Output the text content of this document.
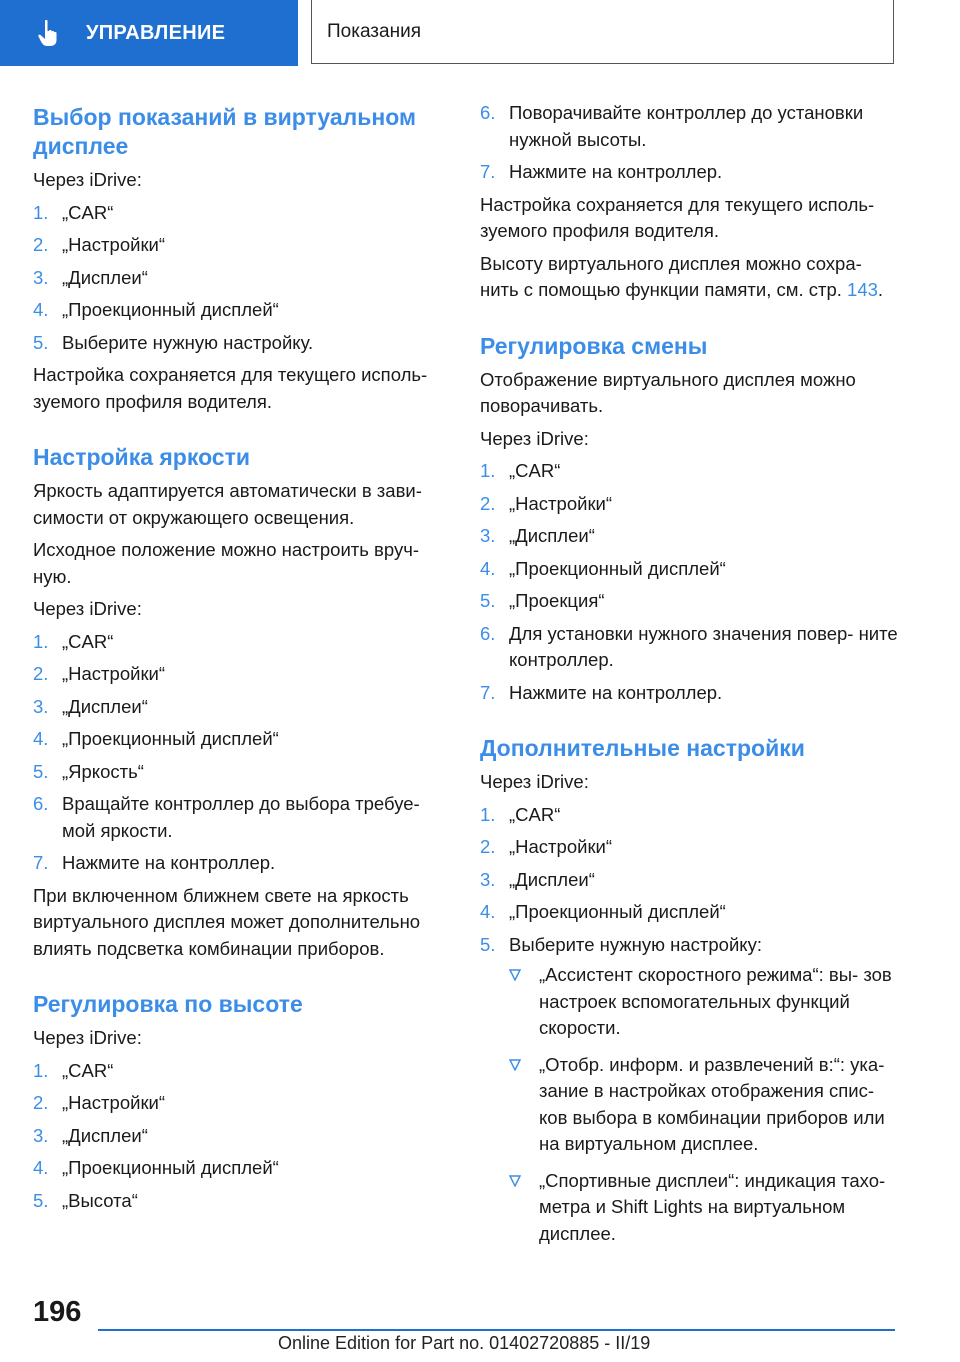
УПРАВЛЕНИЕ	Показания
Выбор показаний в виртуальном дисплее

Через iDrive:

1. „CAR“
2. „Настройки“
3. „Дисплеи“
4. „Проекционный дисплей“
5. Выберите нужную настройку.

Настройка сохраняется для текущего исполь- зуемого профиля водителя.

Настройка яркости

Яркость адаптируется автоматически в зави- симости от окружающего освещения.

Исходное положение можно настроить вруч- ную.

Через iDrive:

1. „CAR“
2. „Настройки“
3. „Дисплеи“
4. „Проекционный дисплей“
5. „Яркость“
6. Вращайте контроллер до выбора требуе- мой яркости.
7. Нажмите на контроллер.

При включенном ближнем свете на яркость виртуального дисплея может дополнительно влиять подсветка комбинации приборов.

Регулировка по высоте

Через iDrive:

1. „CAR“
2. „Настройки“
3. „Дисплеи“
4. „Проекционный дисплей“
5. „Высота“
6. Поворачивайте контроллер до установки нужной высоты.
7. Нажмите на контроллер.

Настройка сохраняется для текущего исполь- зуемого профиля водителя.

Высоту виртуального дисплея можно сохра- нить с помощью функции памяти, см. стр. 143.

Регулировка смены

Отображение виртуального дисплея можно поворачивать.

Через iDrive:

1. „CAR“
2. „Настройки“
3. „Дисплеи“
4. „Проекционный дисплей“
5. „Проекция“
6. Для установки нужного значения повер- ните контроллер.
7. Нажмите на контроллер.
Дополнительные настройки

Через iDrive:

1. „CAR“
2. „Настройки“
3. „Дисплеи“
4. „Проекционный дисплей“
5. Выберите нужную настройку:
„Ассистент скоростного режима“: вы- зов настроек вспомогательных функций скорости.
„Отобр. информ. и развлечений в:“: ука- зание в настройках отображения спис- ков выбора в комбинации приборов или на виртуальном дисплее.
„Спортивные дисплеи“: индикация тахо- метра и Shift Lights на виртуальном дисплее.
196
Online Edition for Part no. 01402720885 - II/19
